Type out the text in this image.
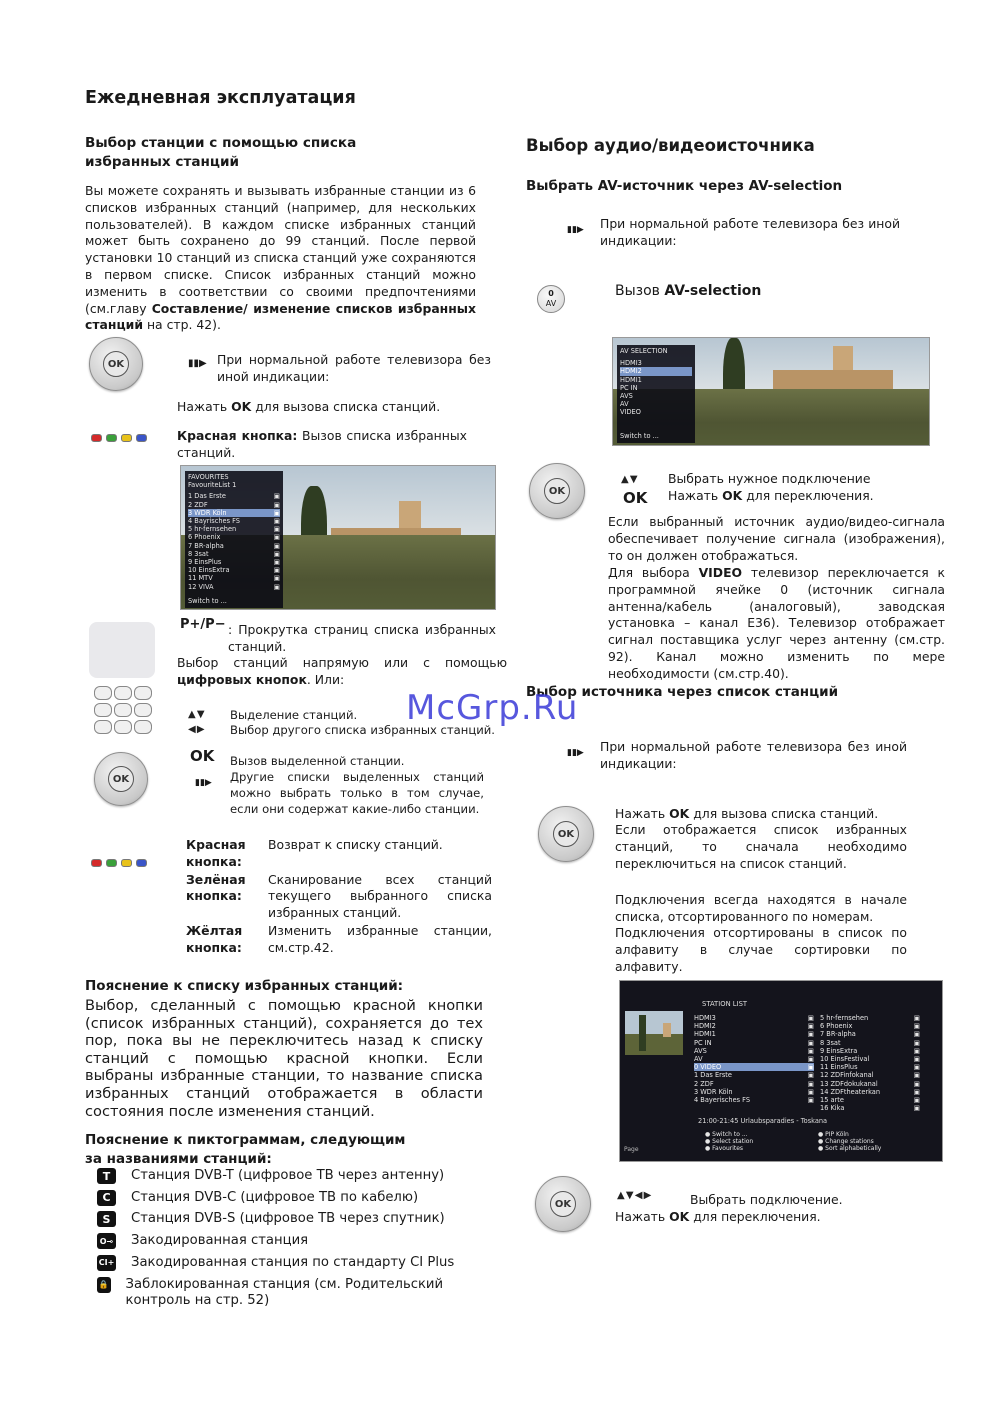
Ежедневная эксплуатация
Выбор станции с помощью списка избранных станций
Вы можете сохранять и вызывать избранные станции из 6 списков избранных станций (например, для нескольких пользователей). В каждом списке избранных станций может быть сохранено до 99 станций. После первой установки 10 станций из списка станций уже сохраняются в первом списке. Список избранных станций можно изменить в соответствии со своими предпочтениями (см.главу Составление/ изменение списков избранных станций на стр. 42).
OK	▮▮▶ При нормальной работе телевизора без иной индикации:
Нажать OK для вызова списка станций.
Красная кнопка: Вызов списка избранных станций.
FAVOURITES
FavouriteList 1
1 Das Erste	▣
2 ZDF	▣
3 WDR Köln	▣
4 Bayrisches FS	▣
5 hr-fernsehen	▣
6 Phoenix	▣
7 BR-alpha	▣
8 3sat	▣
9 EinsPlus	▣
10 EinsExtra	▣
11 MTV	▣
12 VIVA	▣
Switch to ...
P+/P− : Прокрутка страниц списка избранных станций.
Выбор станций напрямую или с помощью цифровых кнопок. Или:
▲ ▼ Выделение станций.
◀ ▶ Выбор другого списка избранных станций.
OK
OK Вызов выделенной станции.
▮▮▶ Другие списки выделенных станций можно выбрать только в том случае, если они содержат какие-либо станции.
Красная кнопка:	Возврат к списку станций.
Зелёная кнопка:	Сканирование всех станций текущего выбранного списка избранных станций.
Жёлтая кнопка:	Изменить избранные станции, см.стр.42.
Пояснение к списку избранных станций:
Выбор, сделанный с помощью красной кнопки (список избранных станций), сохраняется до тех пор, пока вы не переключитесь назад к списку станций с помощью красной кнопки. Если выбраны избранные станции, то название списка избранных станций отображается в области состояния после изменения станций.
Пояснение к пиктограммам, следующим за названиями станций:
T	Станция DVB-T (цифровое ТВ через антенну)
C	Станция DVB-C (цифровое ТВ по кабелю)
S	Станция DVB-S (цифровое ТВ через спутник)
O⊸ Закодированная станция
CI+ Закодированная станция по стандарту CI Plus
🔒 Заблокированная станция (см. Родительский контроль на стр. 52)
Выбор аудио/видеоисточника
Выбрать AV-источник через AV-selection
▮▮▶ При нормальной работе телевизора без иной индикации:
0
AV
Вызов AV-selection
AV SELECTION
HDMI3
HDMI2
HDMI1
PC IN
AVS
AV
VIDEO
Switch to ...
OK
▲ ▼
OK
Выбрать нужное подключение
Нажать OK для переключения.
Если выбранный источник аудио/видео-сигнала обеспечивает получение сигнала (изображения), то он должен отображаться.
Для выбора VIDEO телевизор переключается к программной ячейке 0 (источник сигнала антенна/кабель (аналоговый), заводская установка – канал E36). Телевизор отображает сигнал поставщика услуг через антенну (см.стр. 92). Канал можно изменить по мере необходимости (см.стр.40).
Выбор источника через список станций
▮▮▶ При нормальной работе телевизора без иной индикации:
OK
Нажать OK для вызова списка станций.
Если отображается список избранных станций, то сначала необходимо переключиться на список станций.
Подключения всегда находятся в начале списка, отсортированного по номерам.
Подключения отсортированы в список по алфавиту в случае сортировки по алфавиту.
STATION LIST
HDMI3	▣
HDMI2	▣
HDMI1	▣
PC IN	▣
AVS	▣
AV	▣
0 VIDEO	▣
1 Das Erste	▣
2 ZDF	▣
3 WDR Köln	▣
4 Bayerisches FS	▣
5 hr-fernsehen	▣
6 Phoenix	▣
7 BR-alpha	▣
8 3sat	▣
9 EinsExtra	▣
10 EinsFestival	▣
11 EinsPlus	▣
12 ZDFinfokanal	▣
13 ZDFdokukanal	▣
14 ZDFtheaterkan	▣
15 arte	▣
16 Kika	▣
21:00-21:45 Urlaubsparadies - Toskana
Page
● Switch to ...
● Select station
● Favourites
● PIP Köln
● Change stations
● Sort alphabetically
OK
▲ ▼ ◀ ▶	Выбрать подключение.
Нажать OK для переключения.
McGrp.Ru
